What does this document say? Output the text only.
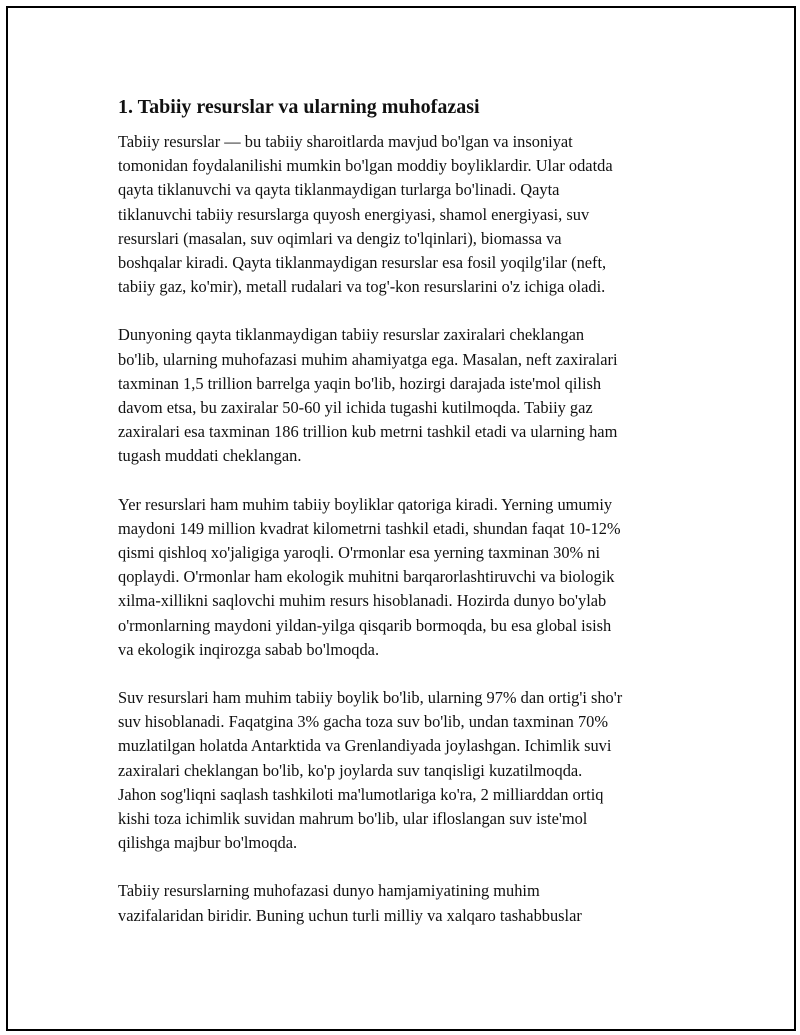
1. Tabiiy resurslar va ularning muhofazasi

Tabiiy resurslar — bu tabiiy sharoitlarda mavjud bo'lgan va insoniyat
tomonidan foydalanilishi mumkin bo'lgan moddiy boyliklardir. Ular odatda
qayta tiklanuvchi va qayta tiklanmaydigan turlarga bo'linadi. Qayta
tiklanuvchi tabiiy resurslarga quyosh energiyasi, shamol energiyasi, suv
resurslari (masalan, suv oqimlari va dengiz to'lqinlari), biomassa va
boshqalar kiradi. Qayta tiklanmaydigan resurslar esa fosil yoqilg'ilar (neft,
tabiiy gaz, ko'mir), metall rudalari va tog'-kon resurslarini o'z ichiga oladi.

Dunyoning qayta tiklanmaydigan tabiiy resurslar zaxiralari cheklangan
bo'lib, ularning muhofazasi muhim ahamiyatga ega. Masalan, neft zaxiralari
taxminan 1,5 trillion barrelga yaqin bo'lib, hozirgi darajada iste'mol qilish
davom etsa, bu zaxiralar 50-60 yil ichida tugashi kutilmoqda. Tabiiy gaz
zaxiralari esa taxminan 186 trillion kub metrni tashkil etadi va ularning ham
tugash muddati cheklangan.

Yer resurslari ham muhim tabiiy boyliklar qatoriga kiradi. Yerning umumiy
maydoni 149 million kvadrat kilometrni tashkil etadi, shundan faqat 10-12%
qismi qishloq xo'jaligiga yaroqli. O'rmonlar esa yerning taxminan 30% ni
qoplaydi. O'rmonlar ham ekologik muhitni barqarorlashtiruvchi va biologik
xilma-xillikni saqlovchi muhim resurs hisoblanadi. Hozirda dunyo bo'ylab
o'rmonlarning maydoni yildan-yilga qisqarib bormoqda, bu esa global isish
va ekologik inqirozga sabab bo'lmoqda.

Suv resurslari ham muhim tabiiy boylik bo'lib, ularning 97% dan ortig'i sho'r
suv hisoblanadi. Faqatgina 3% gacha toza suv bo'lib, undan taxminan 70%
muzlatilgan holatda Antarktida va Grenlandiyada joylashgan. Ichimlik suvi
zaxiralari cheklangan bo'lib, ko'p joylarda suv tanqisligi kuzatilmoqda.
Jahon sog'liqni saqlash tashkiloti ma'lumotlariga ko'ra, 2 milliarddan ortiq
kishi toza ichimlik suvidan mahrum bo'lib, ular ifloslangan suv iste'mol
qilishga majbur bo'lmoqda.

Tabiiy resurslarning muhofazasi dunyo hamjamiyatining muhim
vazifalaridan biridir. Buning uchun turli milliy va xalqaro tashabbuslar
